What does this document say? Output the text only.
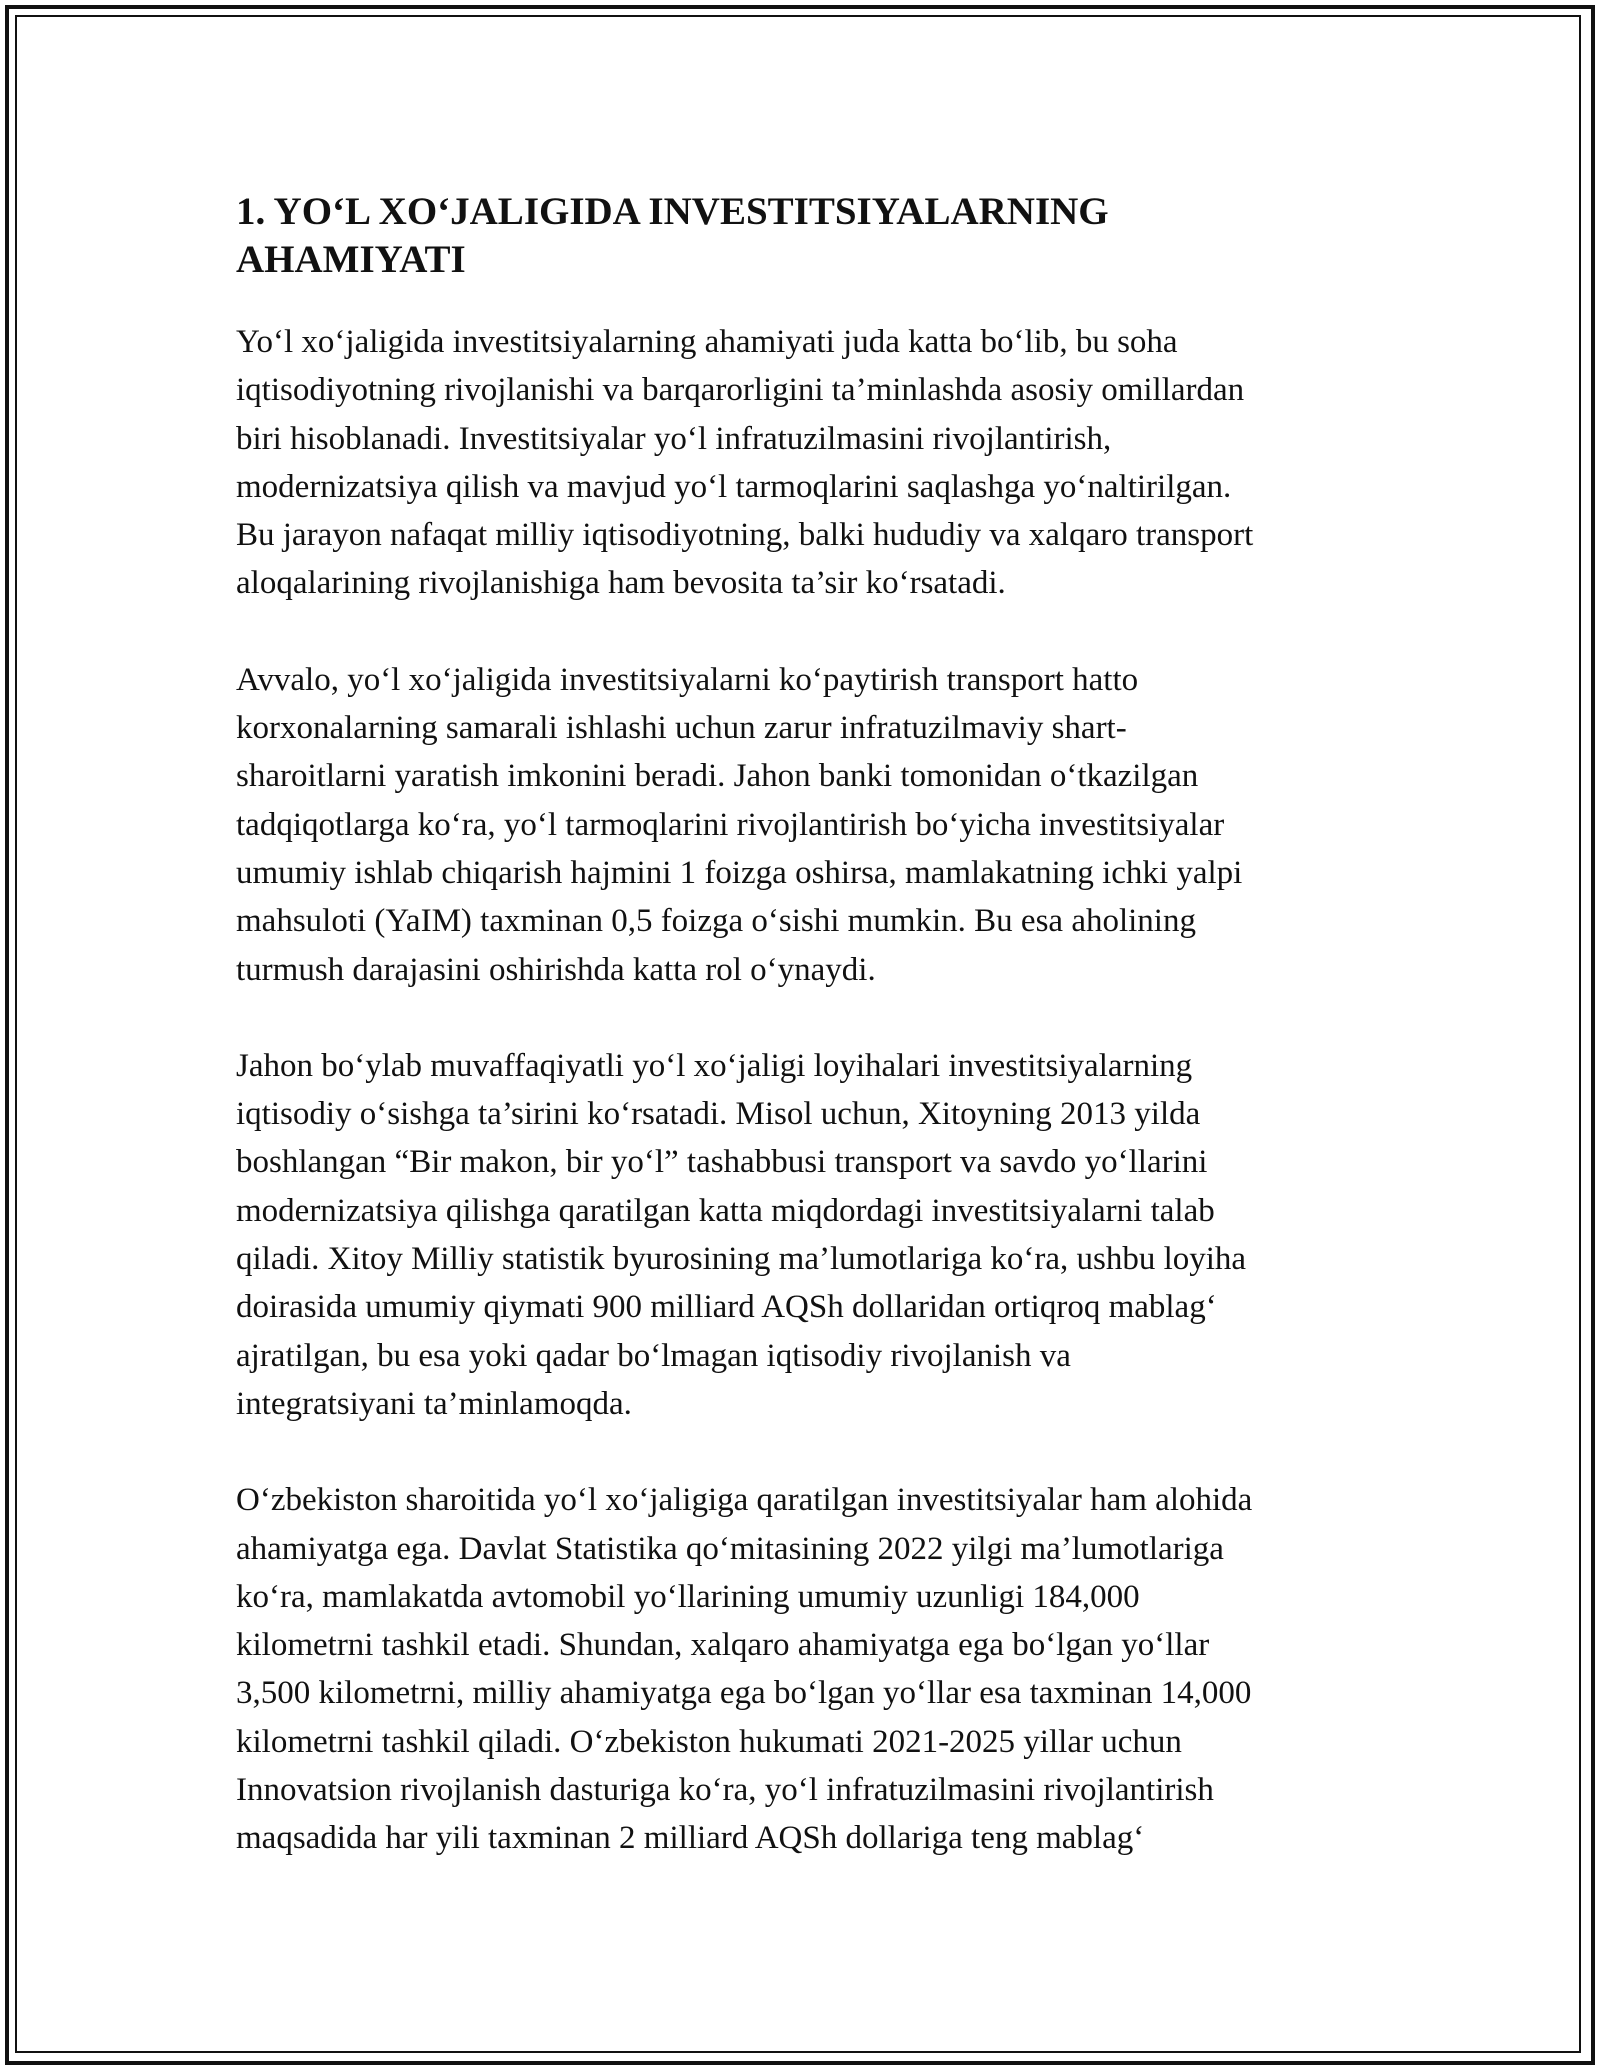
1. YO‘L XO‘JALIGIDA INVESTITSIYALARNING
AHAMIYATI

Yo‘l xo‘jaligida investitsiyalarning ahamiyati juda katta bo‘lib, bu soha
iqtisodiyotning rivojlanishi va barqarorligini ta’minlashda asosiy omillardan
biri hisoblanadi. Investitsiyalar yo‘l infratuzilmasini rivojlantirish,
modernizatsiya qilish va mavjud yo‘l tarmoqlarini saqlashga yo‘naltirilgan.
Bu jarayon nafaqat milliy iqtisodiyotning, balki hududiy va xalqaro transport
aloqalarining rivojlanishiga ham bevosita ta’sir ko‘rsatadi.

Avvalo, yo‘l xo‘jaligida investitsiyalarni ko‘paytirish transport hatto
korxonalarning samarali ishlashi uchun zarur infratuzilmaviy shart-
sharoitlarni yaratish imkonini beradi. Jahon banki tomonidan o‘tkazilgan
tadqiqotlarga ko‘ra, yo‘l tarmoqlarini rivojlantirish bo‘yicha investitsiyalar
umumiy ishlab chiqarish hajmini 1 foizga oshirsa, mamlakatning ichki yalpi
mahsuloti (YaIM) taxminan 0,5 foizga o‘sishi mumkin. Bu esa aholining
turmush darajasini oshirishda katta rol o‘ynaydi.

Jahon bo‘ylab muvaffaqiyatli yo‘l xo‘jaligi loyihalari investitsiyalarning
iqtisodiy o‘sishga ta’sirini ko‘rsatadi. Misol uchun, Xitoyning 2013 yilda
boshlangan “Bir makon, bir yo‘l” tashabbusi transport va savdo yo‘llarini
modernizatsiya qilishga qaratilgan katta miqdordagi investitsiyalarni talab
qiladi. Xitoy Milliy statistik byurosining ma’lumotlariga ko‘ra, ushbu loyiha
doirasida umumiy qiymati 900 milliard AQSh dollaridan ortiqroq mablag‘
ajratilgan, bu esa yoki qadar bo‘lmagan iqtisodiy rivojlanish va
integratsiyani ta’minlamoqda.

O‘zbekiston sharoitida yo‘l xo‘jaligiga qaratilgan investitsiyalar ham alohida
ahamiyatga ega. Davlat Statistika qo‘mitasining 2022 yilgi ma’lumotlariga
ko‘ra, mamlakatda avtomobil yo‘llarining umumiy uzunligi 184,000
kilometrni tashkil etadi. Shundan, xalqaro ahamiyatga ega bo‘lgan yo‘llar
3,500 kilometrni, milliy ahamiyatga ega bo‘lgan yo‘llar esa taxminan 14,000
kilometrni tashkil qiladi. O‘zbekiston hukumati 2021-2025 yillar uchun
Innovatsion rivojlanish dasturiga ko‘ra, yo‘l infratuzilmasini rivojlantirish
maqsadida har yili taxminan 2 milliard AQSh dollariga teng mablag‘
